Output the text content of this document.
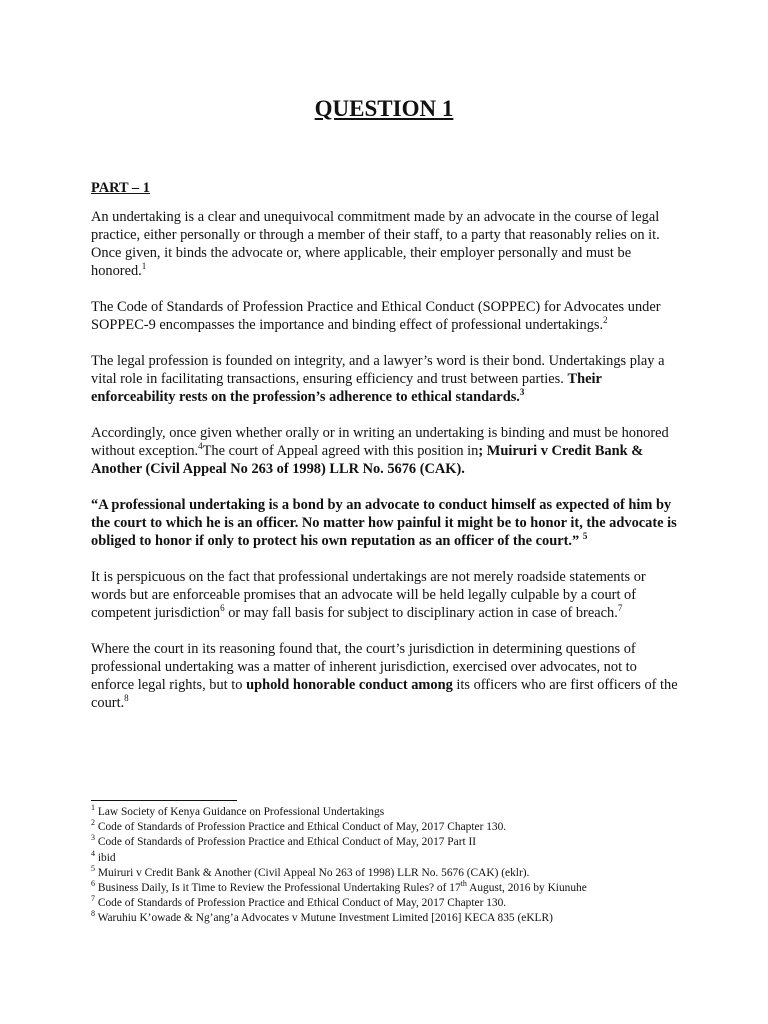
QUESTION 1

PART – 1

An undertaking is a clear and unequivocal commitment made by an advocate in the course of legal practice, either personally or through a member of their staff, to a party that reasonably relies on it. Once given, it binds the advocate or, where applicable, their employer personally and must be honored.$^1$

The Code of Standards of Profession Practice and Ethical Conduct (SOPPEC) for Advocates under SOPPEC-9 encompasses the importance and binding effect of professional undertakings.$^2$

The legal profession is founded on integrity, and a lawyer’s word is their bond. Undertakings play a vital role in facilitating transactions, ensuring efficiency and trust between parties. Their enforceability rests on the profession’s adherence to ethical standards.$^3$

Accordingly, once given whether orally or in writing an undertaking is binding and must be honored without exception.$^4$The court of Appeal agreed with this position in; Muiruri v Credit Bank & Another (Civil Appeal No 263 of 1998) LLR No. 5676 (CAK).

“A professional undertaking is a bond by an advocate to conduct himself as expected of him by the court to which he is an officer. No matter how painful it might be to honor it, the advocate is obliged to honor if only to protect his own reputation as an officer of the court.” $^5$

It is perspicuous on the fact that professional undertakings are not merely roadside statements or words but are enforceable promises that an advocate will be held legally culpable by a court of competent jurisdiction$^6$ or may fall basis for subject to disciplinary action in case of breach.$^7$

Where the court in its reasoning found that, the court’s jurisdiction in determining questions of professional undertaking was a matter of inherent jurisdiction, exercised over advocates, not to enforce legal rights, but to uphold honorable conduct among its officers who are first officers of the court.$^8$

$^1$ Law Society of Kenya Guidance on Professional Undertakings
$^2$ Code of Standards of Profession Practice and Ethical Conduct of May, 2017 Chapter 130.
$^3$ Code of Standards of Profession Practice and Ethical Conduct of May, 2017 Part II
$^4$ ibid
$^5$ Muiruri v Credit Bank & Another (Civil Appeal No 263 of 1998) LLR No. 5676 (CAK) (eklr).
$^6$ Business Daily, Is it Time to Review the Professional Undertaking Rules? of 17th August, 2016 by Kiunuhe
$^7$ Code of Standards of Profession Practice and Ethical Conduct of May, 2017 Chapter 130.
$^8$ Waruhiu K’owade & Ng’ang’a Advocates v Mutune Investment Limited [2016] KECA 835 (eKLR)
